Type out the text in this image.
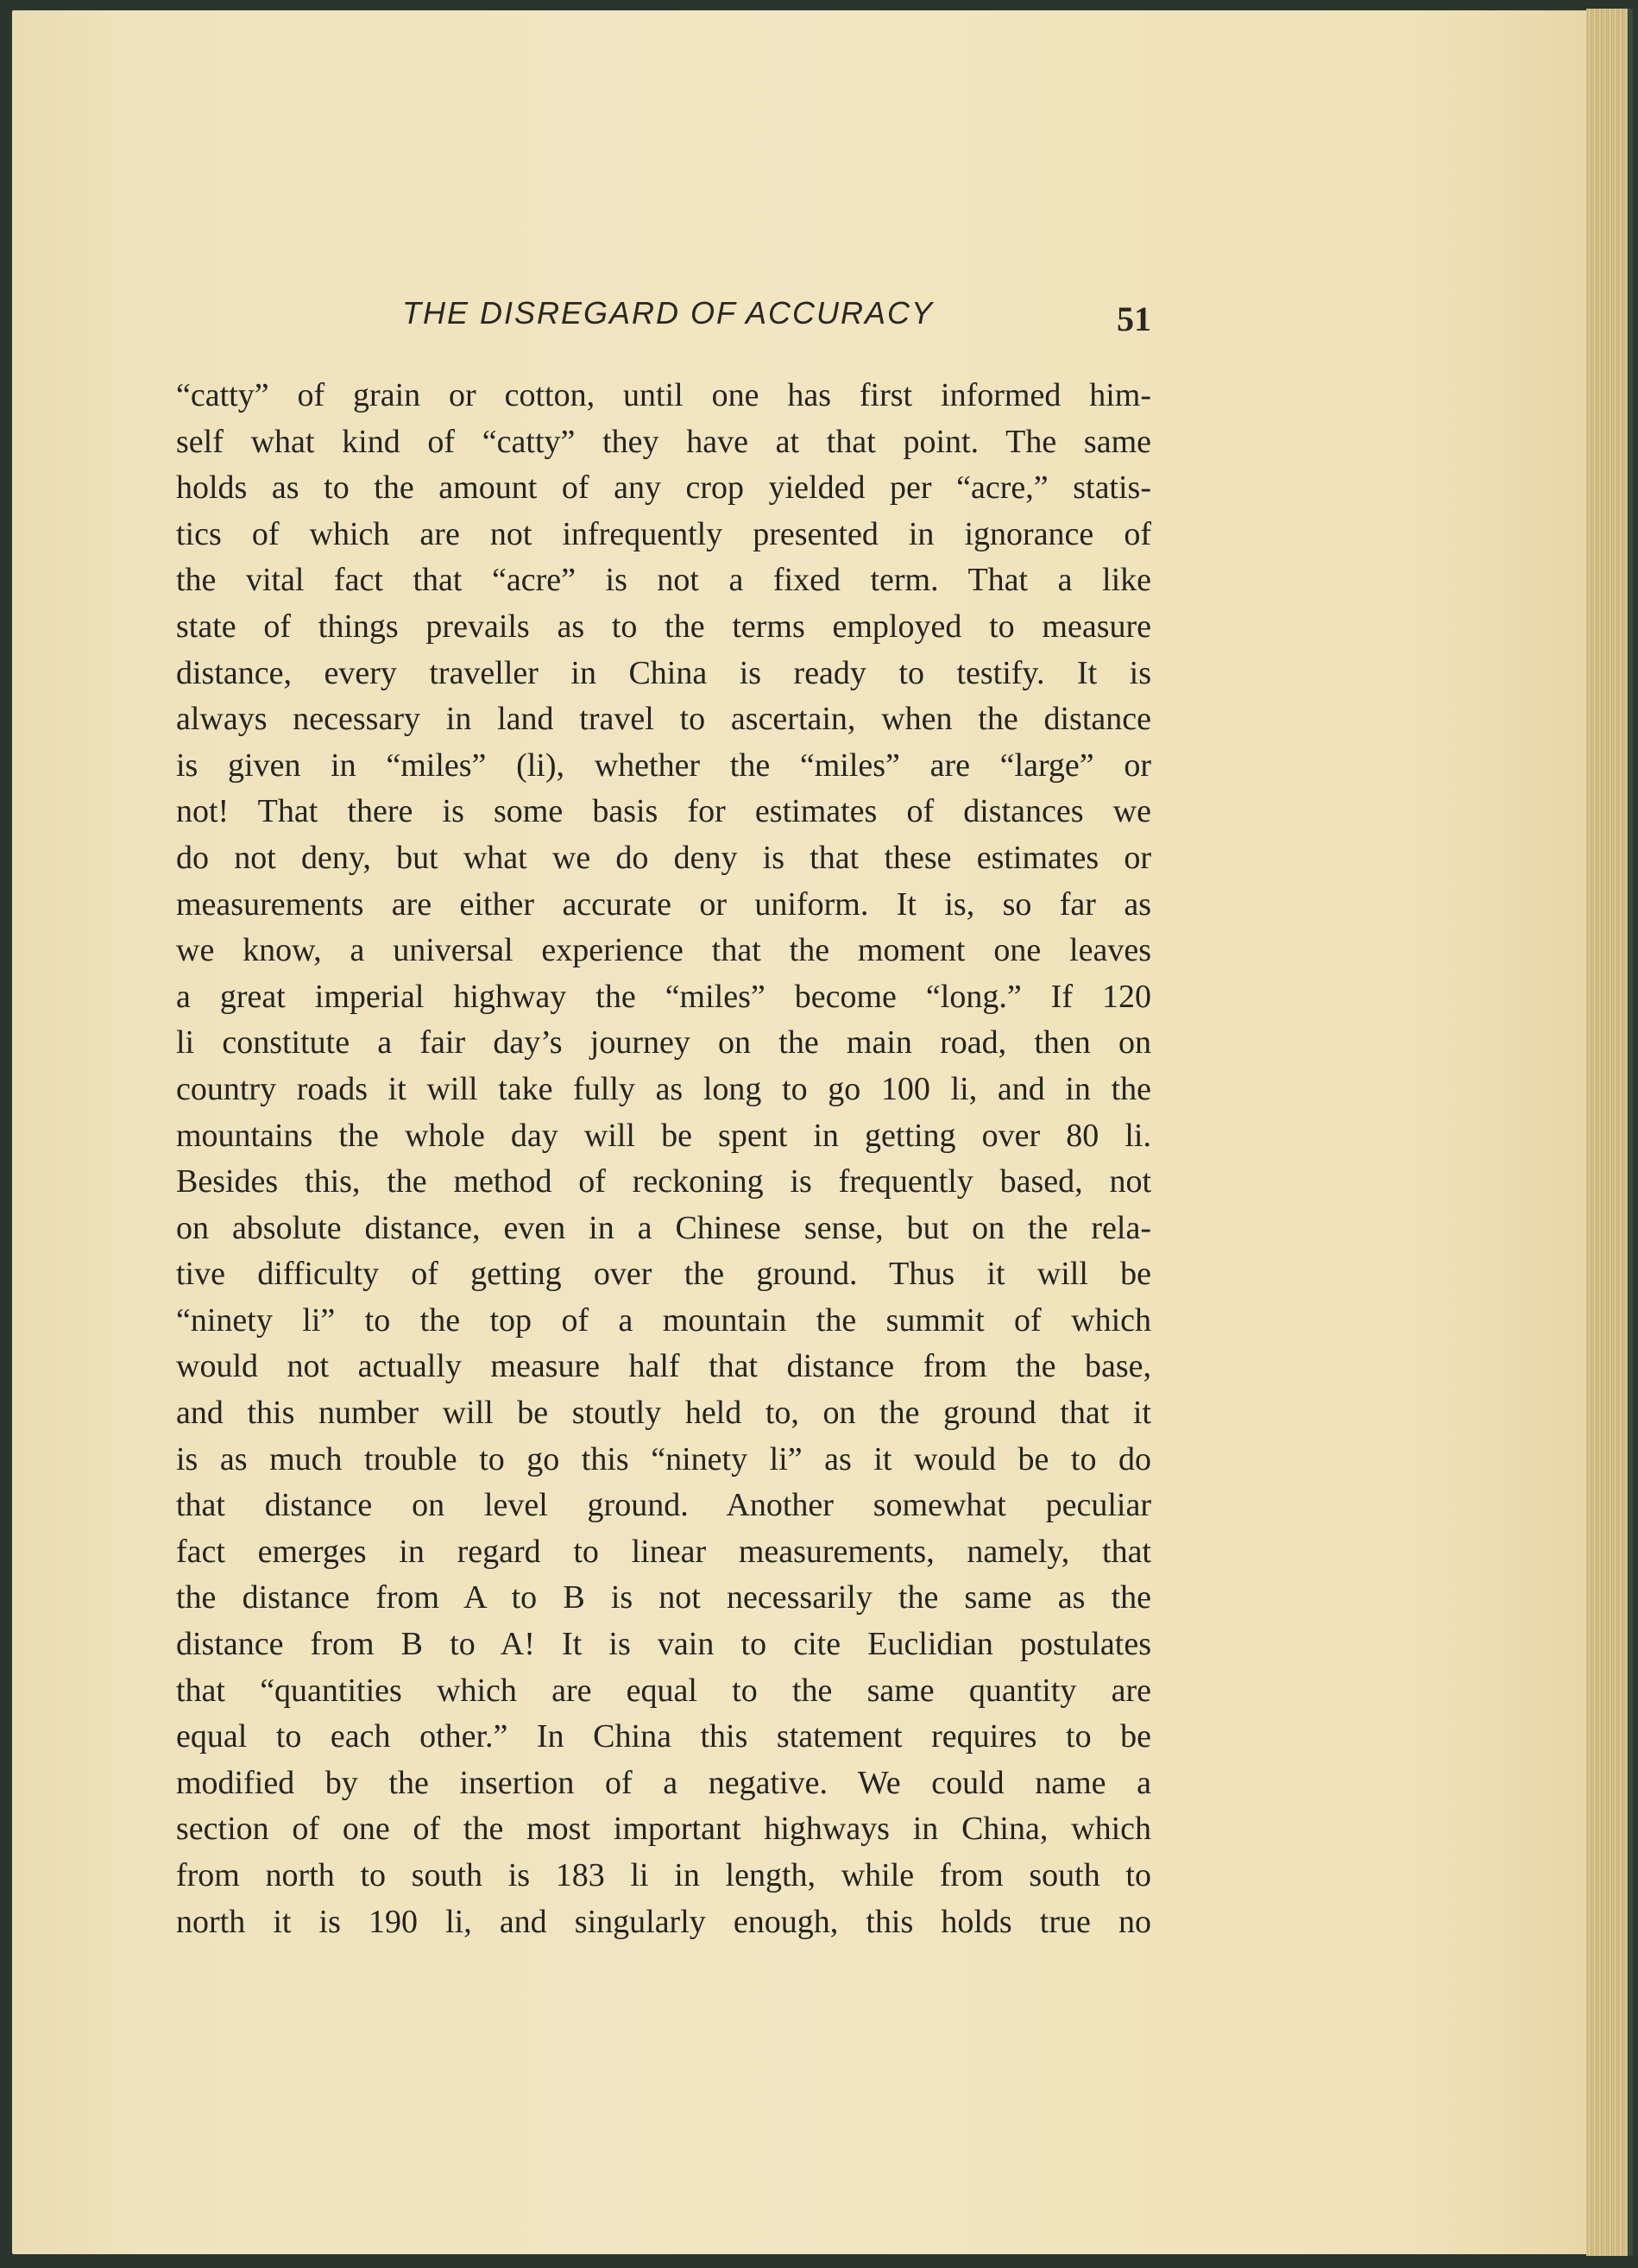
THE DISREGARD OF ACCURACY	51
“catty” of grain or cotton, until one has first informed him-
self what kind of “catty” they have at that point. The same
holds as to the amount of any crop yielded per “acre,” statis-
tics of which are not infrequently presented in ignorance of
the vital fact that “acre” is not a fixed term. That a like
state of things prevails as to the terms employed to measure
distance, every traveller in China is ready to testify. It is
always necessary in land travel to ascertain, when the distance
is given in “miles” (li), whether the “miles” are “large” or
not! That there is some basis for estimates of distances we
do not deny, but what we do deny is that these estimates or
measurements are either accurate or uniform. It is, so far as
we know, a universal experience that the moment one leaves
a great imperial highway the “miles” become “long.” If 120
li constitute a fair day’s journey on the main road, then on
country roads it will take fully as long to go 100 li, and in the
mountains the whole day will be spent in getting over 80 li.
Besides this, the method of reckoning is frequently based, not
on absolute distance, even in a Chinese sense, but on the rela-
tive difficulty of getting over the ground. Thus it will be
“ninety li” to the top of a mountain the summit of which
would not actually measure half that distance from the base,
and this number will be stoutly held to, on the ground that it
is as much trouble to go this “ninety li” as it would be to do
that distance on level ground. Another somewhat peculiar
fact emerges in regard to linear measurements, namely, that
the distance from A to B is not necessarily the same as the
distance from B to A! It is vain to cite Euclidian postulates
that “quantities which are equal to the same quantity are
equal to each other.” In China this statement requires to be
modified by the insertion of a negative. We could name a
section of one of the most important highways in China, which
from north to south is 183 li in length, while from south to
north it is 190 li, and singularly enough, this holds true no
